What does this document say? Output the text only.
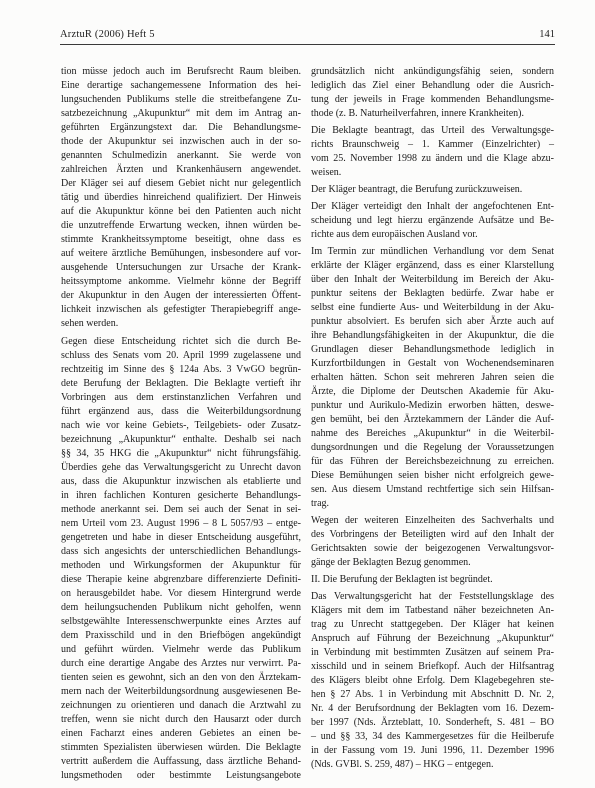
ArztuR (2006) Heft 5	141
tion müsse jedoch auch im Berufsrecht Raum bleiben.
Eine derartige sachangemessene Information des hei-
lungsuchenden Publikums stelle die streitbefangene Zu-
satzbezeichnung „Akupunktur“ mit dem im Antrag an-
geführten Ergänzungstext dar. Die Behandlungsme-
thode der Akupunktur sei inzwischen auch in der so-
genannten Schulmedizin anerkannt. Sie werde von
zahlreichen Ärzten und Krankenhäusern angewendet.
Der Kläger sei auf diesem Gebiet nicht nur gelegentlich
tätig und überdies hinreichend qualifiziert. Der Hinweis
auf die Akupunktur könne bei den Patienten auch nicht
die unzutreffende Erwartung wecken, ihnen würden be-
stimmte Krankheitssymptome beseitigt, ohne dass es
auf weitere ärztliche Bemühungen, insbesondere auf vor-
ausgehende Untersuchungen zur Ursache der Krank-
heitssymptome ankomme. Vielmehr könne der Begriff
der Akupunktur in den Augen der interessierten Öffent-
lichkeit inzwischen als gefestigter Therapiebegriff ange-
sehen werden.
Gegen diese Entscheidung richtet sich die durch Be-
schluss des Senats vom 20. April 1999 zugelassene und
rechtzeitig im Sinne des § 124a Abs. 3 VwGO begrün-
dete Berufung der Beklagten. Die Beklagte vertieft ihr
Vorbringen aus dem erstinstanzlichen Verfahren und
führt ergänzend aus, dass die Weiterbildungsordnung
nach wie vor keine Gebiets-, Teilgebiets- oder Zusatz-
bezeichnung „Akupunktur“ enthalte. Deshalb sei nach
§§ 34, 35 HKG die „Akupunktur“ nicht führungsfähig.
Überdies gehe das Verwaltungsgericht zu Unrecht davon
aus, dass die Akupunktur inzwischen als etablierte und
in ihren fachlichen Konturen gesicherte Behandlungs-
methode anerkannt sei. Dem sei auch der Senat in sei-
nem Urteil vom 23. August 1996 – 8 L 5057/93 – entge-
gengetreten und habe in dieser Entscheidung ausgeführt,
dass sich angesichts der unterschiedlichen Behandlungs-
methoden und Wirkungsformen der Akupunktur für
diese Therapie keine abgrenzbare differenzierte Definiti-
on herausgebildet habe. Vor diesem Hintergrund werde
dem heilungsuchenden Publikum nicht geholfen, wenn
selbstgewählte Interessenschwerpunkte eines Arztes auf
dem Praxisschild und in den Briefbögen angekündigt
und geführt würden. Vielmehr werde das Publikum
durch eine derartige Angabe des Arztes nur verwirrt. Pa-
tienten seien es gewohnt, sich an den von den Ärztekam-
mern nach der Weiterbildungsordnung ausgewiesenen Be-
zeichnungen zu orientieren und danach die Arztwahl zu
treffen, wenn sie nicht durch den Hausarzt oder durch
einen Facharzt eines anderen Gebietes an einen be-
stimmten Spezialisten überwiesen würden. Die Beklagte
vertritt außerdem die Auffassung, dass ärztliche Behand-
lungsmethoden oder bestimmte Leistungsangebote
grundsätzlich nicht ankündigungsfähig seien, sondern
lediglich das Ziel einer Behandlung oder die Ausrich-
tung der jeweils in Frage kommenden Behandlungsme-
thode (z. B. Naturheilverfahren, innere Krankheiten).
Die Beklagte beantragt, das Urteil des Verwaltungsge-
richts Braunschweig – 1. Kammer (Einzelrichter) –
vom 25. November 1998 zu ändern und die Klage abzu-
weisen.
Der Kläger beantragt, die Berufung zurückzuweisen.
Der Kläger verteidigt den Inhalt der angefochtenen Ent-
scheidung und legt hierzu ergänzende Aufsätze und Be-
richte aus dem europäischen Ausland vor.
Im Termin zur mündlichen Verhandlung vor dem Senat
erklärte der Kläger ergänzend, dass es einer Klarstellung
über den Inhalt der Weiterbildung im Bereich der Aku-
punktur seitens der Beklagten bedürfe. Zwar habe er
selbst eine fundierte Aus- und Weiterbildung in der Aku-
punktur absolviert. Es berufen sich aber Ärzte auch auf
ihre Behandlungsfähigkeiten in der Akupunktur, die die
Grundlagen dieser Behandlungsmethode lediglich in
Kurzfortbildungen in Gestalt von Wochenendseminaren
erhalten hätten. Schon seit mehreren Jahren seien die
Ärzte, die Diplome der Deutschen Akademie für Aku-
punktur und Aurikulo-Medizin erworben hätten, deswe-
gen bemüht, bei den Ärztekammern der Länder die Auf-
nahme des Bereiches „Akupunktur“ in die Weiterbil-
dungsordnungen und die Regelung der Voraussetzungen
für das Führen der Bereichsbezeichnung zu erreichen.
Diese Bemühungen seien bisher nicht erfolgreich gewe-
sen. Aus diesem Umstand rechtfertige sich sein Hilfsan-
trag.
Wegen der weiteren Einzelheiten des Sachverhalts und
des Vorbringens der Beteiligten wird auf den Inhalt der
Gerichtsakten sowie der beigezogenen Verwaltungsvor-
gänge der Beklagten Bezug genommen.
II. Die Berufung der Beklagten ist begründet.
Das Verwaltungsgericht hat der Feststellungsklage des
Klägers mit dem im Tatbestand näher bezeichneten An-
trag zu Unrecht stattgegeben. Der Kläger hat keinen
Anspruch auf Führung der Bezeichnung „Akupunktur“
in Verbindung mit bestimmten Zusätzen auf seinem Pra-
xisschild und in seinem Briefkopf. Auch der Hilfsantrag
des Klägers bleibt ohne Erfolg. Dem Klagebegehren ste-
hen § 27 Abs. 1 in Verbindung mit Abschnitt D. Nr. 2,
Nr. 4 der Berufsordnung der Beklagten vom 16. Dezem-
ber 1997 (Nds. Ärzteblatt, 10. Sonderheft, S. 481 – BO
– und §§ 33, 34 des Kammergesetzes für die Heilberufe
in der Fassung vom 19. Juni 1996, 11. Dezember 1996
(Nds. GVBl. S. 259, 487) – HKG – entgegen.
